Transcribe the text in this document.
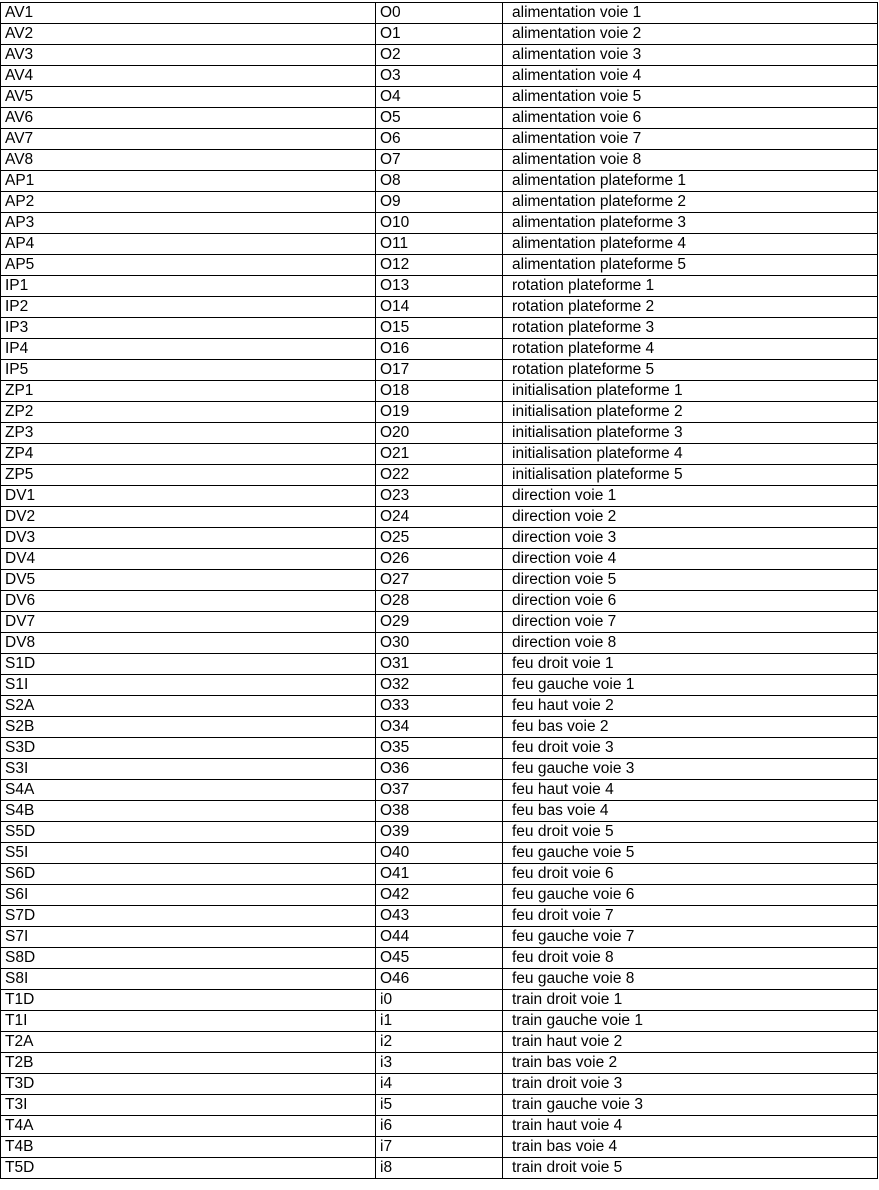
AV1	O0	alimentation voie 1
AV2	O1	alimentation voie 2
AV3	O2	alimentation voie 3
AV4	O3	alimentation voie 4
AV5	O4	alimentation voie 5
AV6	O5	alimentation voie 6
AV7	O6	alimentation voie 7
AV8	O7	alimentation voie 8
AP1	O8	alimentation plateforme 1
AP2	O9	alimentation plateforme 2
AP3	O10	alimentation plateforme 3
AP4	O11	alimentation plateforme 4
AP5	O12	alimentation plateforme 5
IP1	O13	rotation plateforme 1
IP2	O14	rotation plateforme 2
IP3	O15	rotation plateforme 3
IP4	O16	rotation plateforme 4
IP5	O17	rotation plateforme 5
ZP1	O18	initialisation plateforme 1
ZP2	O19	initialisation plateforme 2
ZP3	O20	initialisation plateforme 3
ZP4	O21	initialisation plateforme 4
ZP5	O22	initialisation plateforme 5
DV1	O23	direction voie 1
DV2	O24	direction voie 2
DV3	O25	direction voie 3
DV4	O26	direction voie 4
DV5	O27	direction voie 5
DV6	O28	direction voie 6
DV7	O29	direction voie 7
DV8	O30	direction voie 8
S1D	O31	feu droit voie 1
S1I	O32	feu gauche voie 1
S2A	O33	feu haut voie 2
S2B	O34	feu bas voie 2
S3D	O35	feu droit voie 3
S3I	O36	feu gauche voie 3
S4A	O37	feu haut voie 4
S4B	O38	feu bas voie 4
S5D	O39	feu droit voie 5
S5I	O40	feu gauche voie 5
S6D	O41	feu droit voie 6
S6I	O42	feu gauche voie 6
S7D	O43	feu droit voie 7
S7I	O44	feu gauche voie 7
S8D	O45	feu droit voie 8
S8I	O46	feu gauche voie 8
T1D	i0	train droit voie 1
T1I	i1	train gauche voie 1
T2A	i2	train haut voie 2
T2B	i3	train bas voie 2
T3D	i4	train droit voie 3
T3I	i5	train gauche voie 3
T4A	i6	train haut voie 4
T4B	i7	train bas voie 4
T5D	i8	train droit voie 5
